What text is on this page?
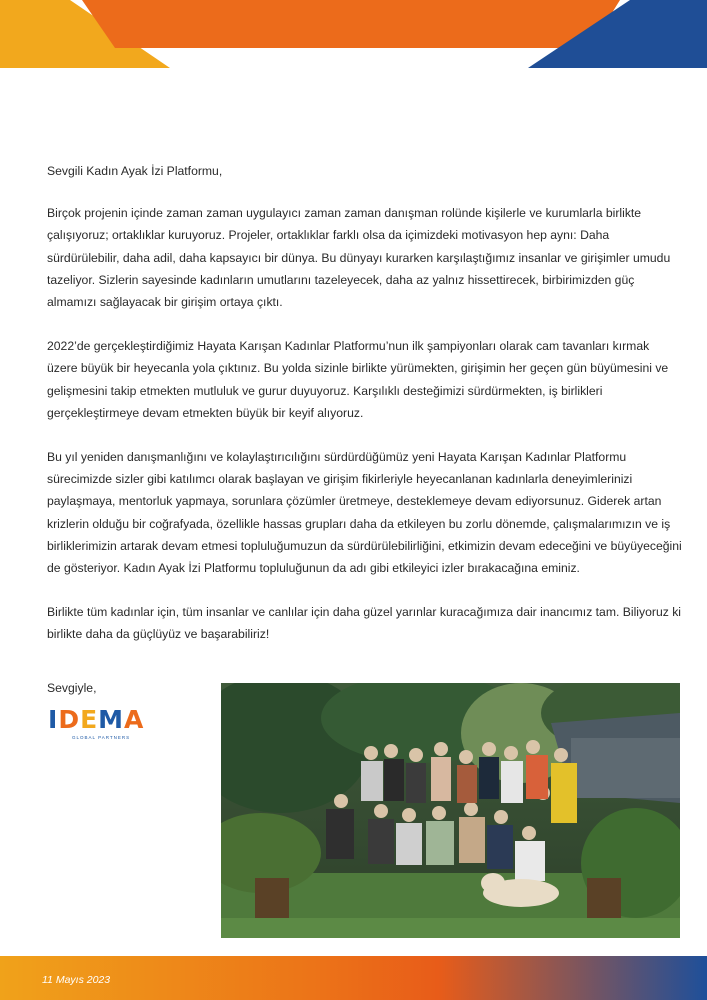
Sevgili Kadın Ayak İzi Platformu,

Birçok projenin içinde zaman zaman uygulayıcı zaman zaman danışman rolünde kişilerle ve kurumlarla birlikte çalışıyoruz; ortaklıklar kuruyoruz. Projeler, ortaklıklar farklı olsa da içimizdeki motivasyon hep aynı: Daha sürdürülebilir, daha adil, daha kapsayıcı bir dünya. Bu dünyayı kurarken karşılaştığımız insanlar ve girişimler umudu tazeliyor. Sizlerin sayesinde kadınların umutlarını tazeleyecek, daha az yalnız hissettirecek, birbirimizden güç almamızı sağlayacak bir girişim ortaya çıktı.

2022’de gerçekleştirdiğimiz Hayata Karışan Kadınlar Platformu’nun ilk şampiyonları olarak cam tavanları kırmak üzere büyük bir heyecanla yola çıktınız. Bu yolda sizinle birlikte yürümekten, girişimin her geçen gün büyümesini ve gelişmesini takip etmekten mutluluk ve gurur duyuyoruz. Karşılıklı desteğimizi sürdürmekten, iş birlikleri gerçekleştirmeye devam etmekten büyük bir keyif alıyoruz.

Bu yıl yeniden danışmanlığını ve kolaylaştırıcılığını sürdürdüğümüz yeni Hayata Karışan Kadınlar Platformu sürecimizde sizler gibi katılımcı olarak başlayan ve girişim fikirleriyle heyecanlanan kadınlarla deneyimlerinizi paylaşmaya, mentorluk yapmaya, sorunlara çözümler üretmeye, desteklemeye devam ediyorsunuz. Giderek artan krizlerin olduğu bir coğrafyada, özellikle hassas grupları daha da etkileyen bu zorlu dönemde, çalışmalarımızın ve iş birliklerimizin artarak devam etmesi topluluğumuzun da sürdürülebilirliğini, etkimizin devam edeceğini ve büyüyeceğini de gösteriyor. Kadın Ayak İzi Platformu topluluğunun da adı gibi etkileyici izler bırakacağına eminiz.

Birlikte tüm kadınlar için, tüm insanlar ve canlılar için daha güzel yarınlar kuracağımıza dair inancımız tam. Biliyoruz ki birlikte daha da güçlüyüz ve başarabiliriz!

Sevgiyle,
IDEMA
GLOBAL PARTNERS
11 Mayıs 2023
